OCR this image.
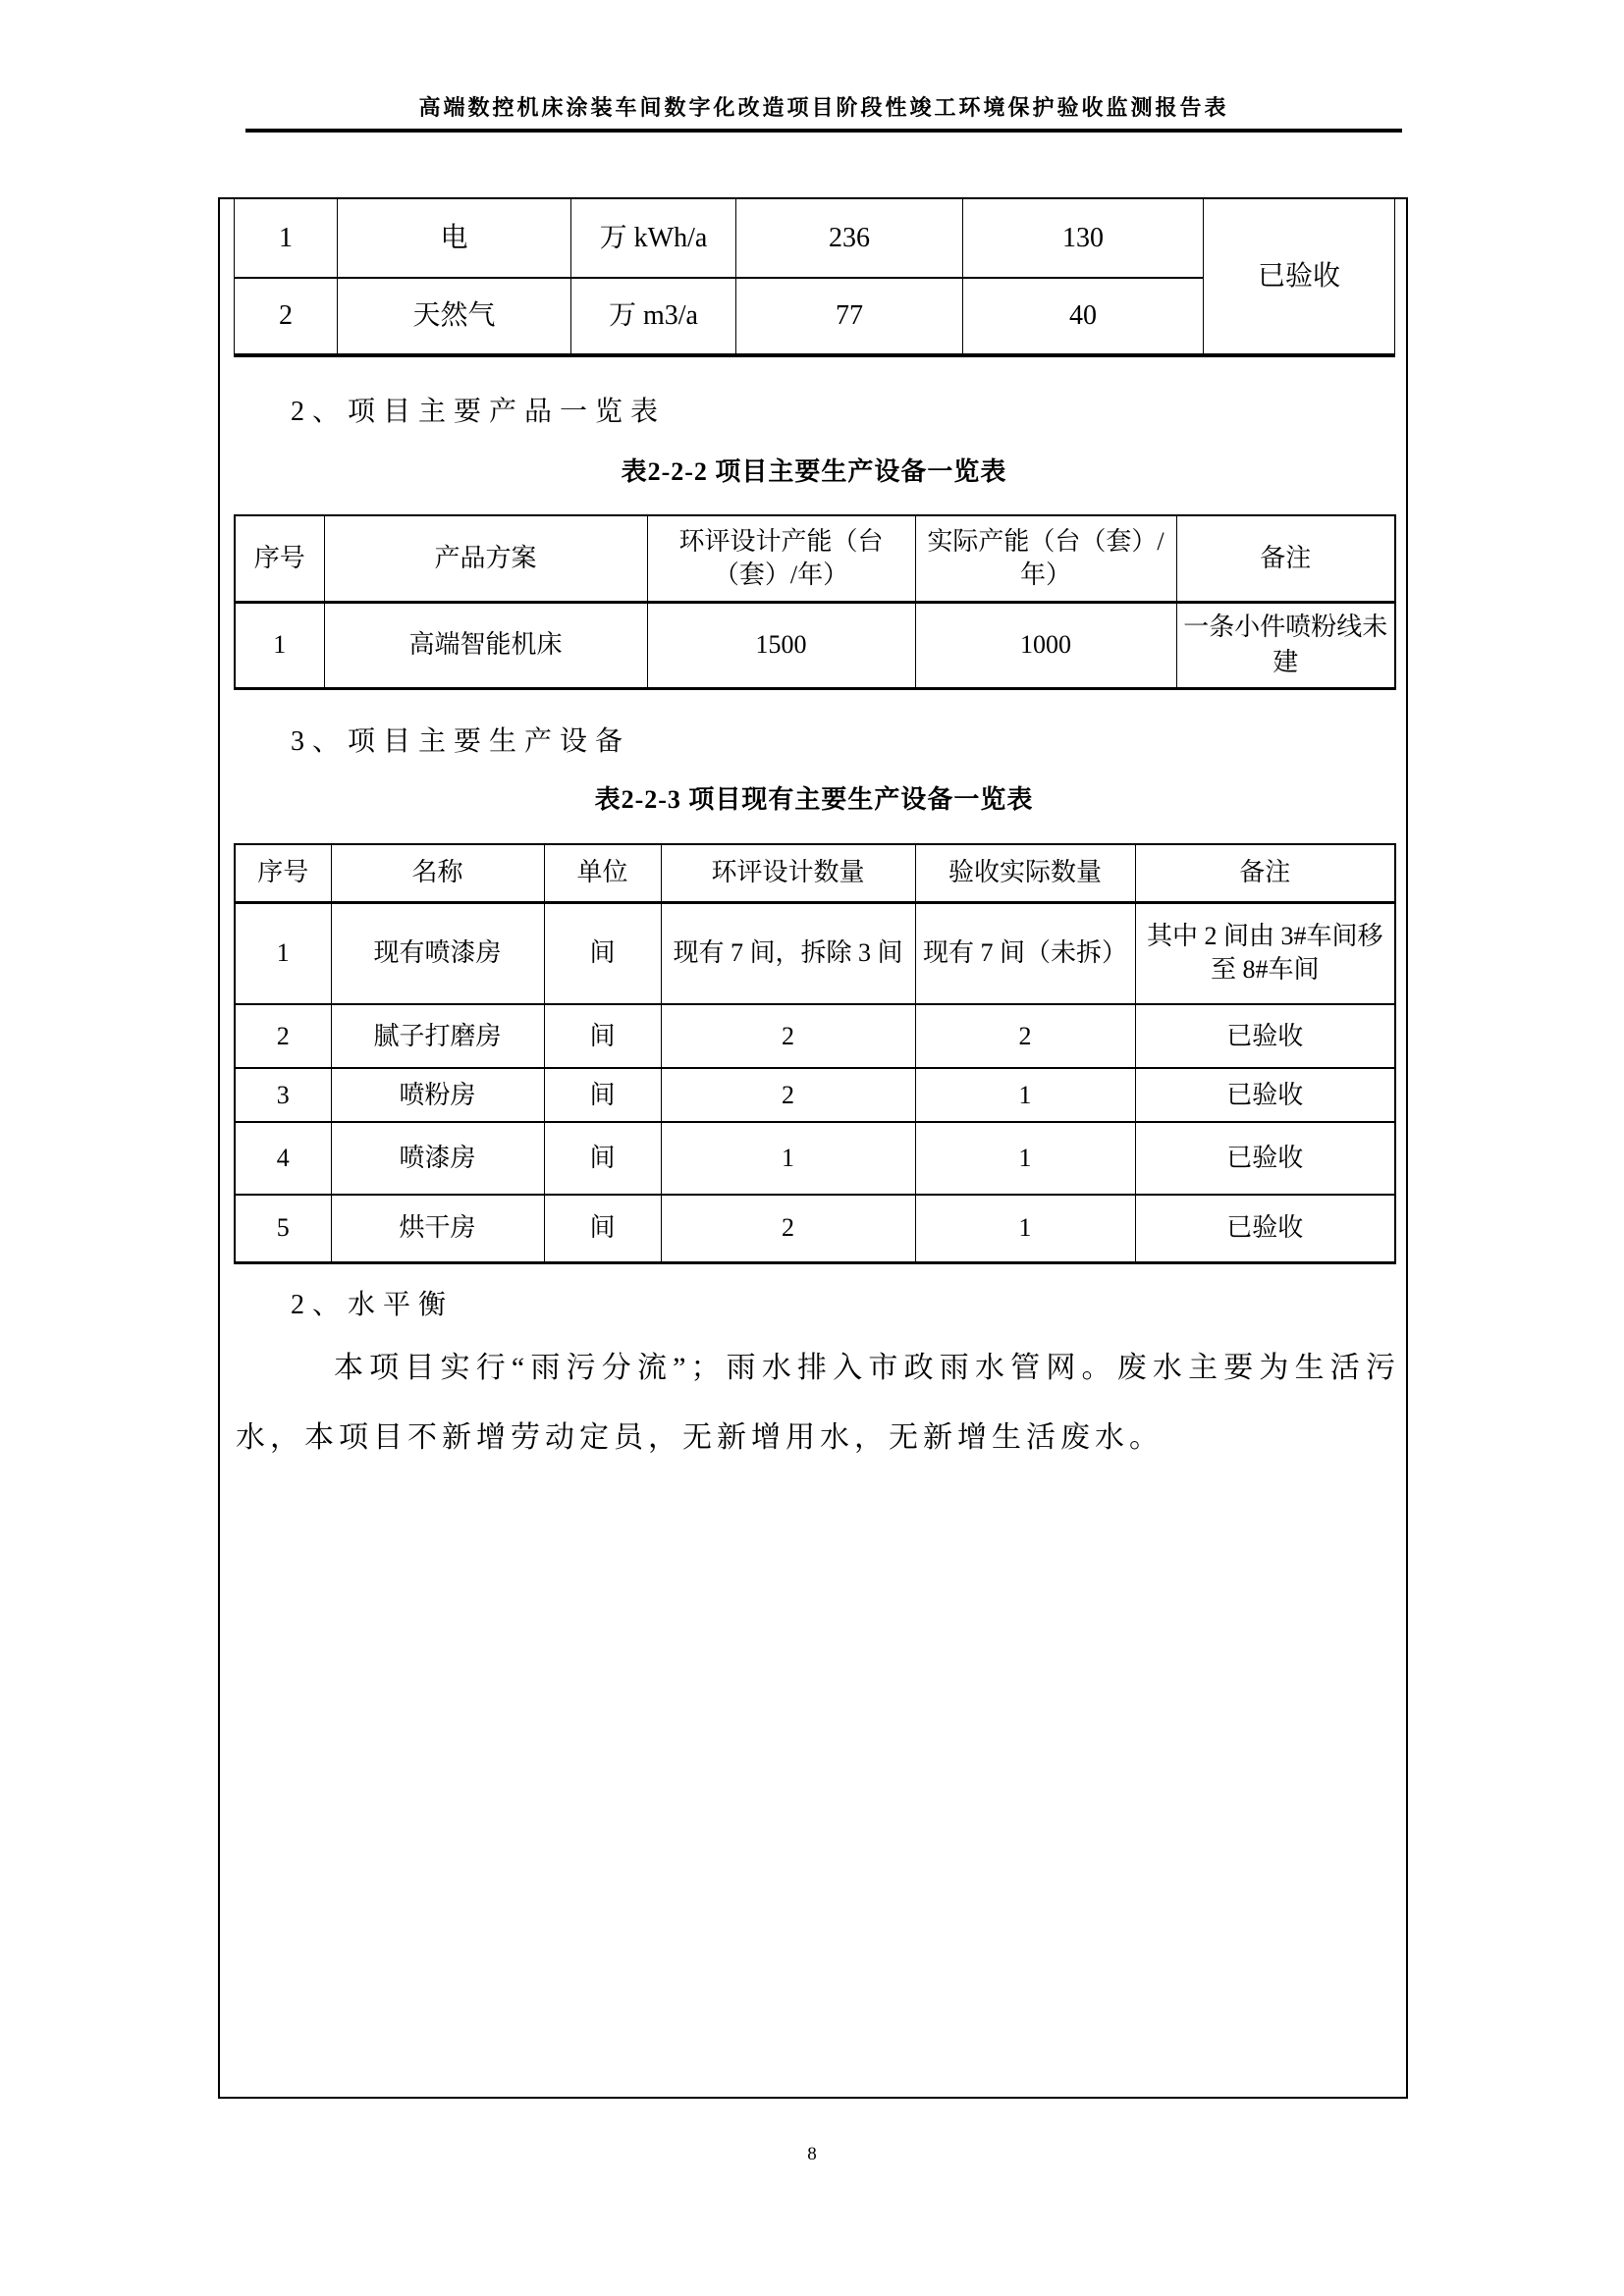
高端数控机床涂装车间数字化改造项目阶段性竣工环境保护验收监测报告表
1	电	万 kWh/a	236	130	已验收
2	天然气	万 m3/a	77	40	
2、项目主要产品一览表
表2-2-2 项目主要生产设备一览表
序号	产品方案	环评设计产能（台（套）/年）	实际产能（台（套）/年）	备注
1	高端智能机床	1500	1000	一条小件喷粉线未建
3、项目主要生产设备
表2-2-3 项目现有主要生产设备一览表
序号	名称	单位	环评设计数量	验收实际数量	备注
1	现有喷漆房	间	现有 7 间，拆除 3 间	现有 7 间（未拆）	其中 2 间由 3#车间移至 8#车间
2	腻子打磨房	间	2	2	已验收
3	喷粉房	间	2	1	已验收
4	喷漆房	间	1	1	已验收
5	烘干房	间	2	1	已验收
2、水平衡
本项目实行“雨污分流”；雨水排入市政雨水管网。废水主要为生活污水，本项目不新增劳动定员，无新增用水，无新增生活废水。
8
